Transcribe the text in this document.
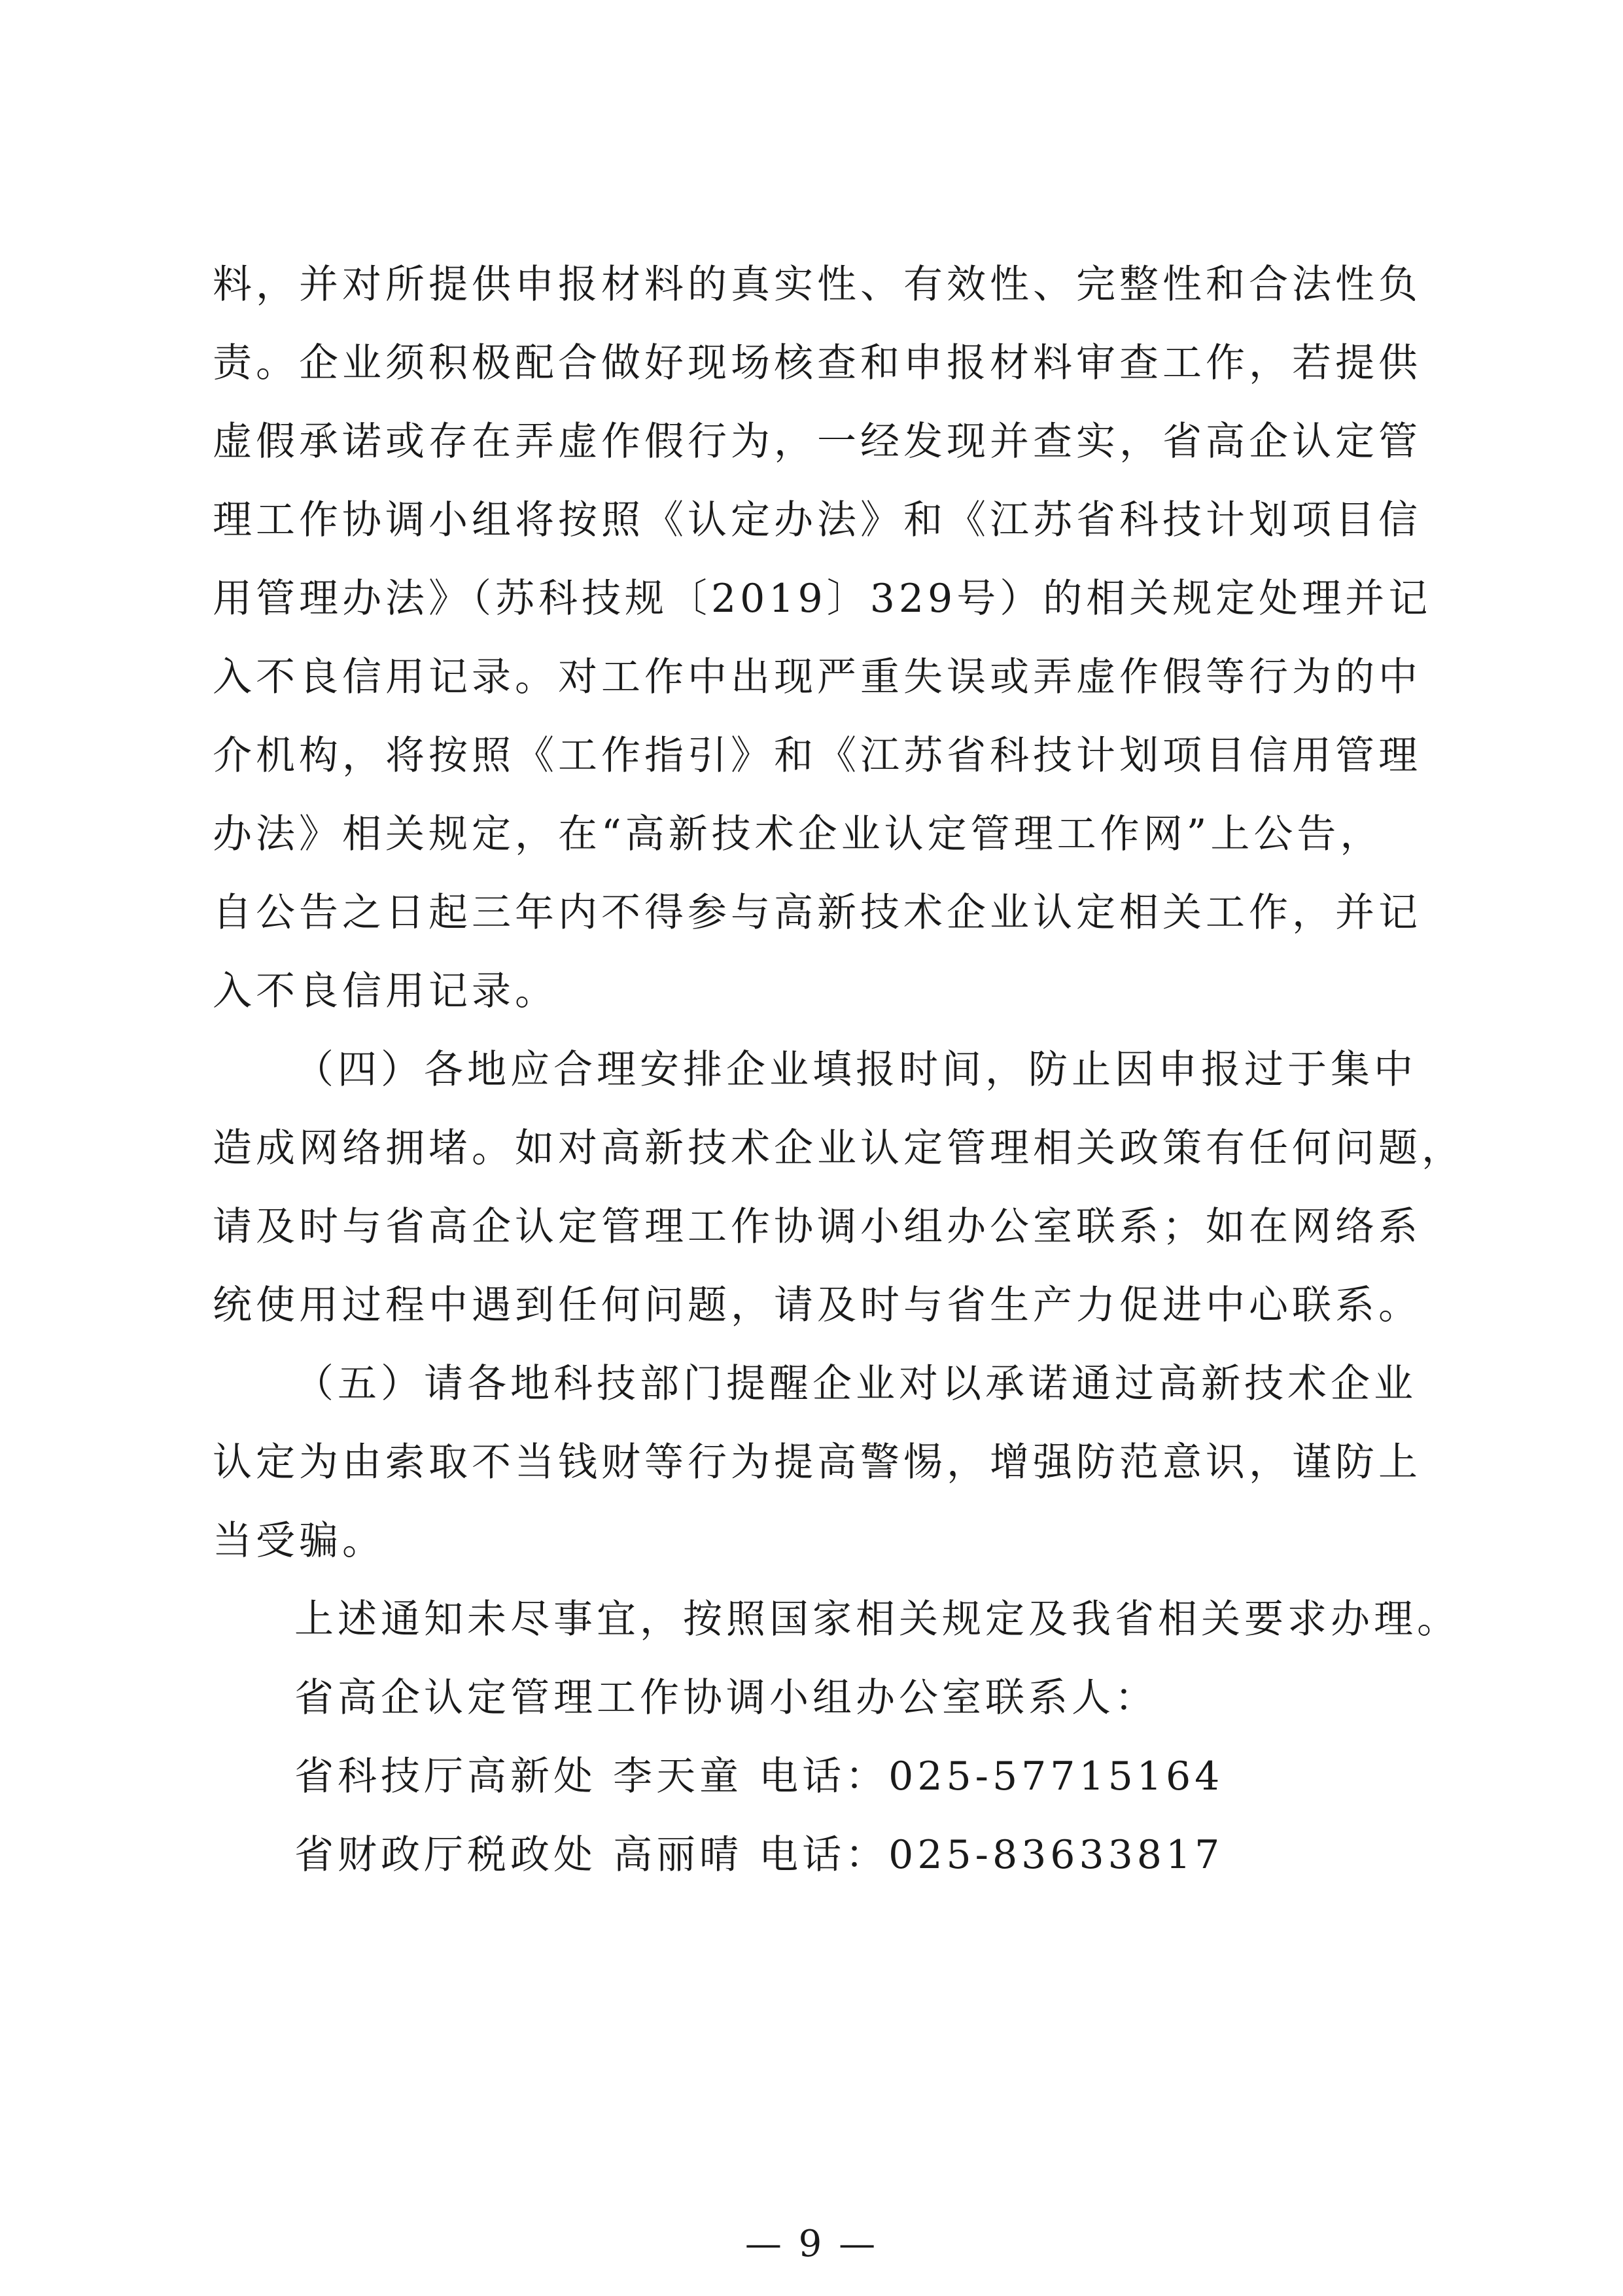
料，并对所提供申报材料的真实性、有效性、完整性和合法性负
责。企业须积极配合做好现场核查和申报材料审查工作，若提供
虚假承诺或存在弄虚作假行为，一经发现并查实，省高企认定管
理工作协调小组将按照《认定办法》和《江苏省科技计划项目信
用管理办法》（苏科技规〔2019〕329号）的相关规定处理并记
入不良信用记录。对工作中出现严重失误或弄虚作假等行为的中
介机构，将按照《工作指引》和《江苏省科技计划项目信用管理
办法》相关规定，在“高新技术企业认定管理工作网”上公告，
自公告之日起三年内不得参与高新技术企业认定相关工作，并记
入不良信用记录。
（四）各地应合理安排企业填报时间，防止因申报过于集中
造成网络拥堵。如对高新技术企业认定管理相关政策有任何问题，
请及时与省高企认定管理工作协调小组办公室联系；如在网络系
统使用过程中遇到任何问题，请及时与省生产力促进中心联系。
（五）请各地科技部门提醒企业对以承诺通过高新技术企业
认定为由索取不当钱财等行为提高警惕，增强防范意识，谨防上
当受骗。
上述通知未尽事宜，按照国家相关规定及我省相关要求办理。
省高企认定管理工作协调小组办公室联系人：
省科技厅高新处 李天童 电话：025-57715164
省财政厅税政处 高丽晴 电话：025-83633817
— 9 —
